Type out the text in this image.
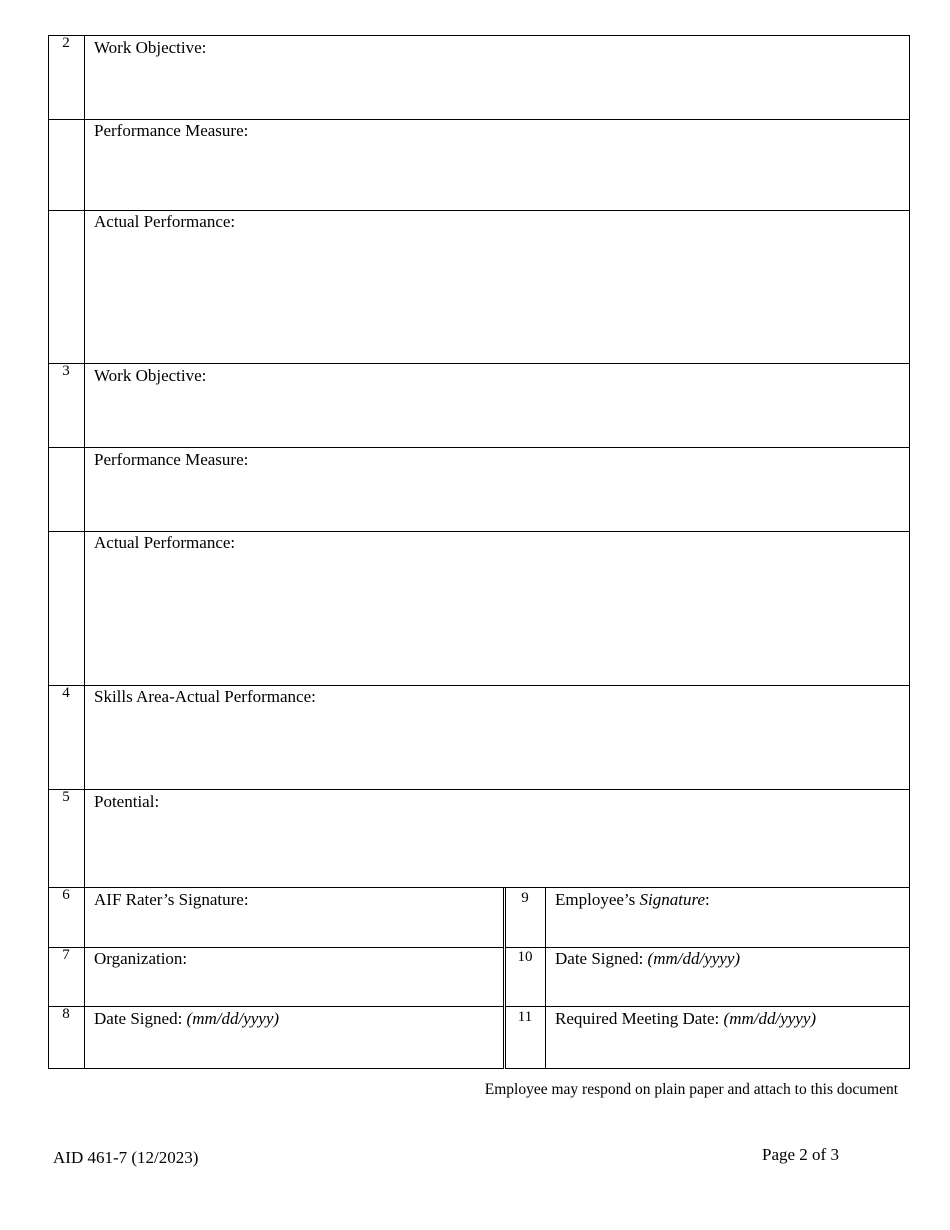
2	Work Objective:
Performance Measure:
Actual Performance:
3	Work Objective:
Performance Measure:
Actual Performance:
4	Skills Area-Actual Performance:
5	Potential:
6	AIF Rater’s Signature:	9	Employee’s Signature:
7	Organization:	10	Date Signed: (mm/dd/yyyy)
8	Date Signed: (mm/dd/yyyy)	11	Required Meeting Date: (mm/dd/yyyy)
Employee may respond on plain paper and attach to this document
AID 461-7 (12/2023)	Page 2 of 3
